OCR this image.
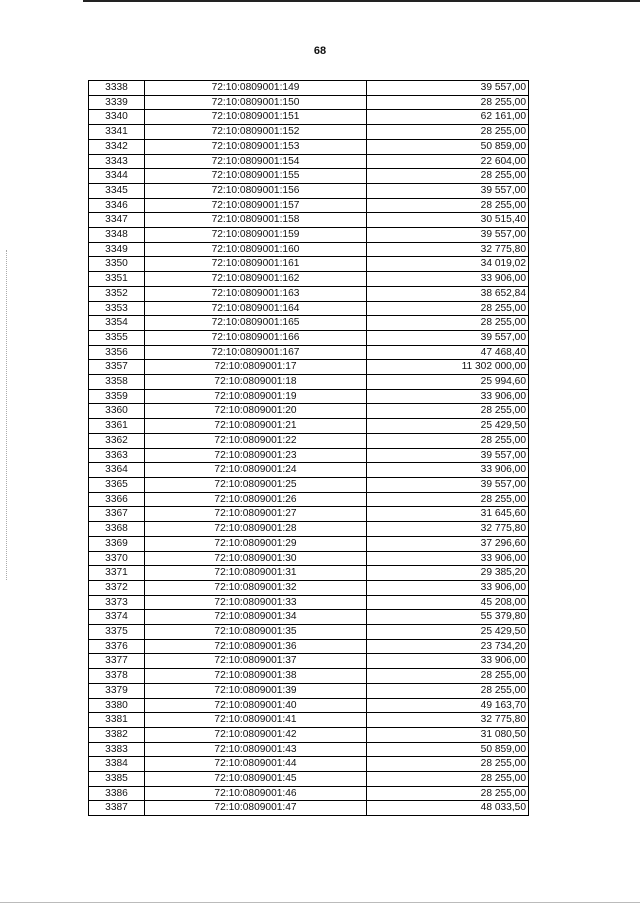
68
3338	72:10:0809001:149	39 557,00
3339	72:10:0809001:150	28 255,00
3340	72:10:0809001:151	62 161,00
3341	72:10:0809001:152	28 255,00
3342	72:10:0809001:153	50 859,00
3343	72:10:0809001:154	22 604,00
3344	72:10:0809001:155	28 255,00
3345	72:10:0809001:156	39 557,00
3346	72:10:0809001:157	28 255,00
3347	72:10:0809001:158	30 515,40
3348	72:10:0809001:159	39 557,00
3349	72:10:0809001:160	32 775,80
3350	72:10:0809001:161	34 019,02
3351	72:10:0809001:162	33 906,00
3352	72:10:0809001:163	38 652,84
3353	72:10:0809001:164	28 255,00
3354	72:10:0809001:165	28 255,00
3355	72:10:0809001:166	39 557,00
3356	72:10:0809001:167	47 468,40
3357	72:10:0809001:17	11 302 000,00
3358	72:10:0809001:18	25 994,60
3359	72:10:0809001:19	33 906,00
3360	72:10:0809001:20	28 255,00
3361	72:10:0809001:21	25 429,50
3362	72:10:0809001:22	28 255,00
3363	72:10:0809001:23	39 557,00
3364	72:10:0809001:24	33 906,00
3365	72:10:0809001:25	39 557,00
3366	72:10:0809001:26	28 255,00
3367	72:10:0809001:27	31 645,60
3368	72:10:0809001:28	32 775,80
3369	72:10:0809001:29	37 296,60
3370	72:10:0809001:30	33 906,00
3371	72:10:0809001:31	29 385,20
3372	72:10:0809001:32	33 906,00
3373	72:10:0809001:33	45 208,00
3374	72:10:0809001:34	55 379,80
3375	72:10:0809001:35	25 429,50
3376	72:10:0809001:36	23 734,20
3377	72:10:0809001:37	33 906,00
3378	72:10:0809001:38	28 255,00
3379	72:10:0809001:39	28 255,00
3380	72:10:0809001:40	49 163,70
3381	72:10:0809001:41	32 775,80
3382	72:10:0809001:42	31 080,50
3383	72:10:0809001:43	50 859,00
3384	72:10:0809001:44	28 255,00
3385	72:10:0809001:45	28 255,00
3386	72:10:0809001:46	28 255,00
3387	72:10:0809001:47	48 033,50
